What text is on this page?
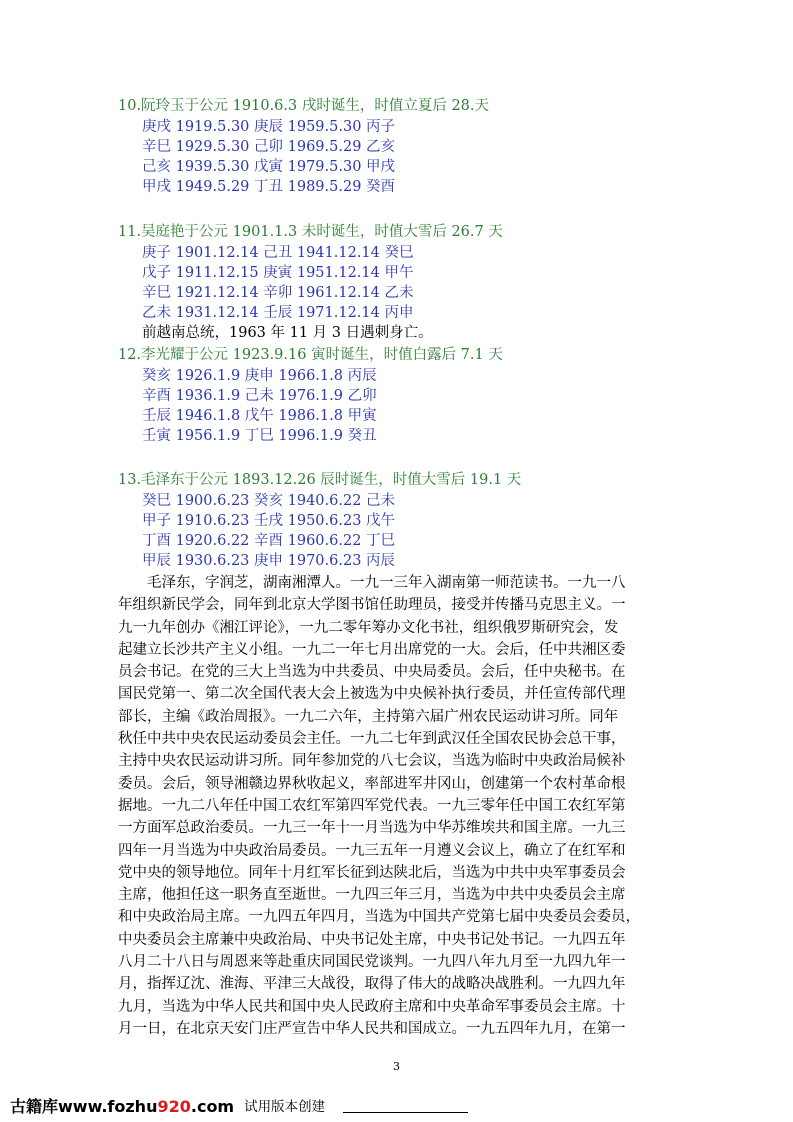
10.阮玲玉于公元 1910.6.3 戌时诞生，时值立夏后 28.天
庚戌 1919.5.30 庚辰 1959.5.30 丙子
辛巳 1929.5.30 己卯 1969.5.29 乙亥
己亥 1939.5.30 戊寅 1979.5.30 甲戌
甲戌 1949.5.29 丁丑 1989.5.29 癸酉
11.吴庭艳于公元 1901.1.3 未时诞生，时值大雪后 26.7 天
庚子 1901.12.14 己丑 1941.12.14 癸巳
戊子 1911.12.15 庚寅 1951.12.14 甲午
辛巳 1921.12.14 辛卯 1961.12.14 乙未
乙未 1931.12.14 壬辰 1971.12.14 丙申
前越南总统，1963 年 11 月 3 日遇刺身亡。
12.李光耀于公元 1923.9.16 寅时诞生，时值白露后 7.1 天
癸亥 1926.1.9 庚申 1966.1.8 丙辰
辛酉 1936.1.9 己未 1976.1.9 乙卯
壬辰 1946.1.8 戊午 1986.1.8 甲寅
壬寅 1956.1.9 丁巳 1996.1.9 癸丑
13.毛泽东于公元 1893.12.26 辰时诞生，时值大雪后 19.1 天
癸巳 1900.6.23 癸亥 1940.6.22 己未
甲子 1910.6.23 壬戌 1950.6.23 戊午
丁酉 1920.6.22 辛酉 1960.6.22 丁巳
甲辰 1930.6.23 庚申 1970.6.23 丙辰
　　毛泽东，字润芝，湖南湘潭人。一九一三年入湖南第一师范读书。一九一八
年组织新民学会，同年到北京大学图书馆任助理员，接受并传播马克思主义。一
九一九年创办《湘江评论》，一九二零年筹办文化书社，组织俄罗斯研究会，发
起建立长沙共产主义小组。一九二一年七月出席党的一大。会后，任中共湘区委
员会书记。在党的三大上当选为中共委员、中央局委员。会后，任中央秘书。在
国民党第一、第二次全国代表大会上被选为中央候补执行委员，并任宣传部代理
部长，主编《政治周报》。一九二六年，主持第六届广州农民运动讲习所。同年
秋任中共中央农民运动委员会主任。一九二七年到武汉任全国农民协会总干事，
主持中央农民运动讲习所。同年参加党的八七会议，当选为临时中央政治局候补
委员。会后，领导湘赣边界秋收起义，率部进军井冈山，创建第一个农村革命根
据地。一九二八年任中国工农红军第四军党代表。一九三零年任中国工农红军第
一方面军总政治委员。一九三一年十一月当选为中华苏维埃共和国主席。一九三
四年一月当选为中央政治局委员。一九三五年一月遵义会议上，确立了在红军和
党中央的领导地位。同年十月红军长征到达陕北后，当选为中共中央军事委员会
主席，他担任这一职务直至逝世。一九四三年三月，当选为中共中央委员会主席
和中央政治局主席。一九四五年四月，当选为中国共产党第七届中央委员会委员，
中央委员会主席兼中央政治局、中央书记处主席，中央书记处书记。一九四五年
八月二十八日与周恩来等赴重庆同国民党谈判。一九四八年九月至一九四九年一
月，指挥辽沈、淮海、平津三大战役，取得了伟大的战略决战胜利。一九四九年
九月，当选为中华人民共和国中央人民政府主席和中央革命军事委员会主席。十
月一日，在北京天安门庄严宣告中华人民共和国成立。一九五四年九月，在第一
3
古籍库www.fozhu920.com 试用版本创建
